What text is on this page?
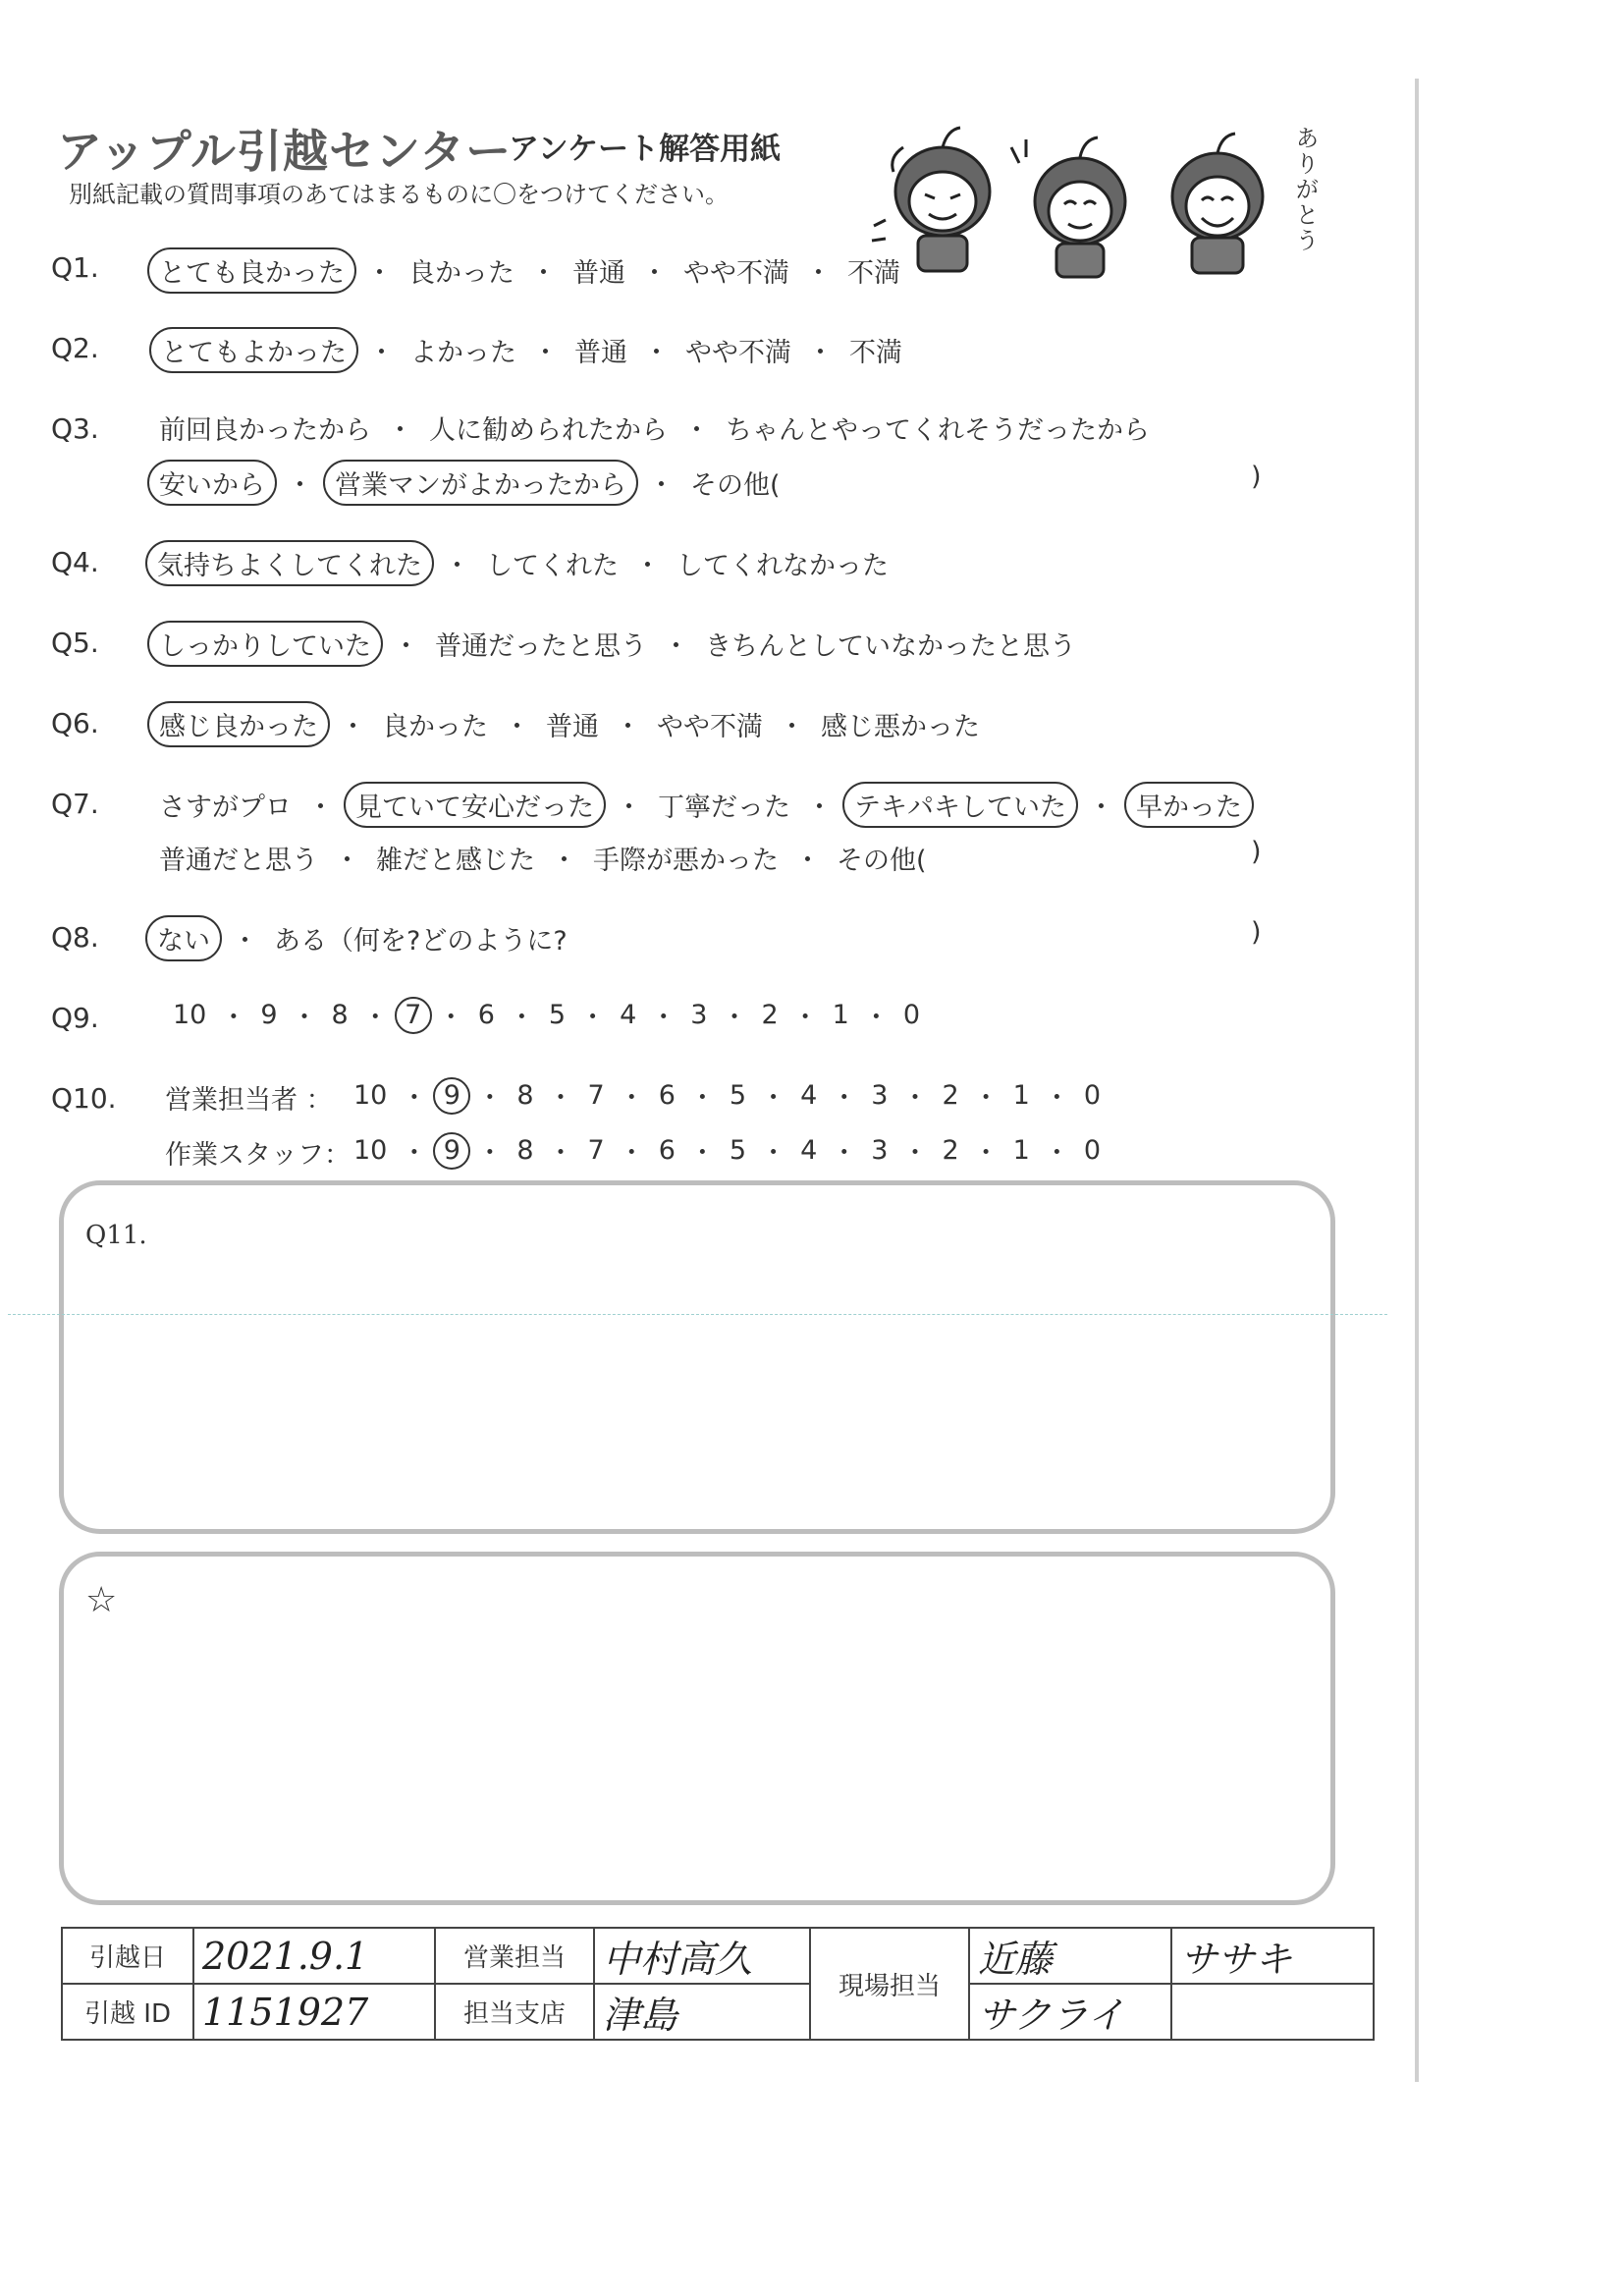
アップル引越センター
アンケート解答用紙
別紙記載の質問事項のあてはまるものに〇をつけてください。	ありがとう
Q1.	とても良かった ・ 良かった ・ 普通 ・ やや不満 ・ 不満
Q2.	とてもよかった ・ よかった ・ 普通 ・ やや不満 ・ 不満
Q3. 前回良かったから ・ 人に勧められたから ・ ちゃんとやってくれそうだったから
安いから ・ 営業マンがよかったから ・ その他(	)
Q4.	気持ちよくしてくれた ・ してくれた ・ してくれなかった
Q5.	しっかりしていた ・ 普通だったと思う ・ きちんとしていなかったと思う
Q6.	感じ良かった ・ 良かった ・ 普通 ・ やや不満 ・ 感じ悪かった
Q7. さすがプロ ・ 見ていて安心だった ・ 丁寧だった ・ テキパキしていた ・ 早かった
普通だと思う ・ 雑だと感じた ・ 手際が悪かった ・ その他(	)
Q8.	ない ・ ある（何を?どのように?	)
Q9.	10 ・ 9 ・ 8 ・ 7 ・ 6 ・ 5 ・ 4 ・ 3 ・ 2 ・ 1 ・ 0
Q10. 営業担当者 ： 10 ・ 9 ・ 8 ・ 7 ・ 6 ・ 5 ・ 4 ・ 3 ・ 2 ・ 1 ・ 0
作業スタッフ： 10 ・ 9 ・ 8 ・ 7 ・ 6 ・ 5 ・ 4 ・ 3 ・ 2 ・ 1 ・ 0
Q11.
☆
引越日	2021.9.1	営業担当	中村高久	現場担当	近藤	ササキ
引越 ID	1151927	担当支店	津島		サクライ	
